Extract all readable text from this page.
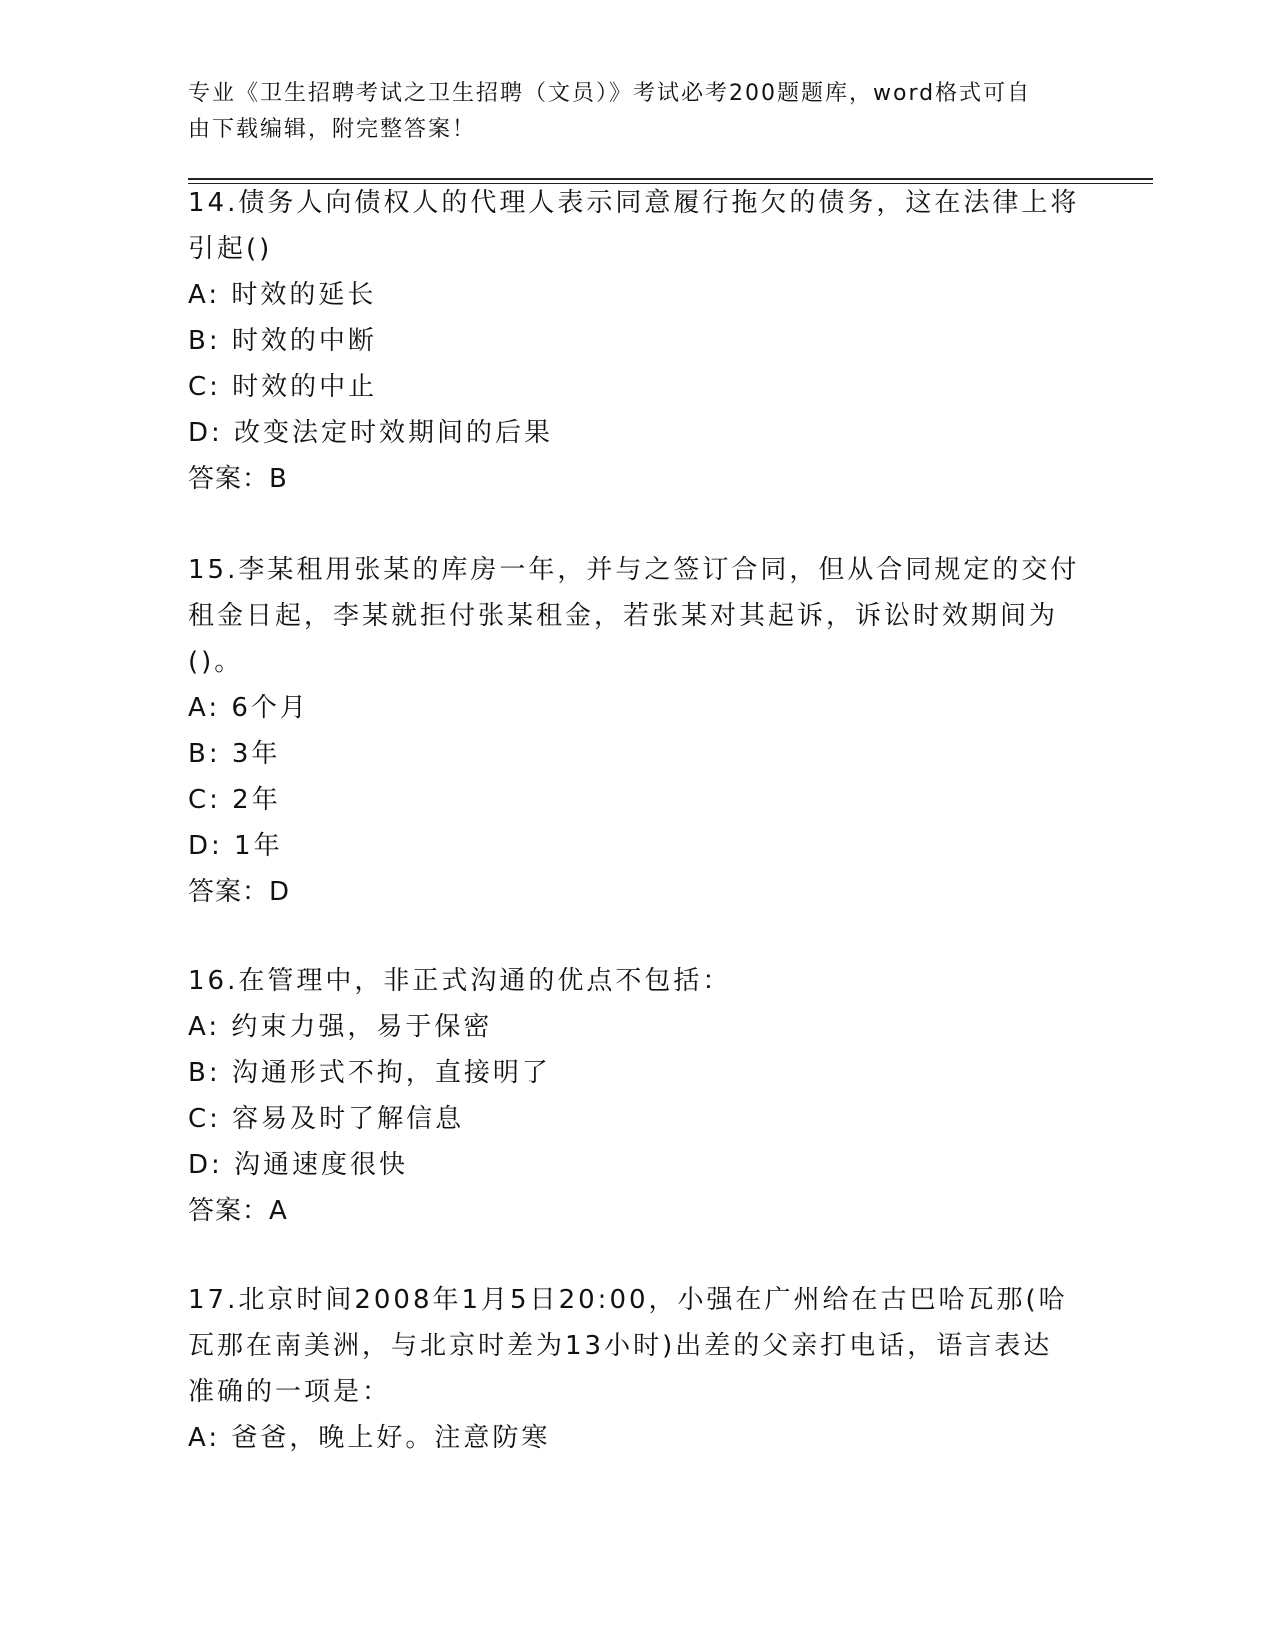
专业《卫生招聘考试之卫生招聘（文员）》考试必考200题题库，word格式可自
由下载编辑，附完整答案！
14.债务人向债权人的代理人表示同意履行拖欠的债务，这在法律上将
引起()
A: 时效的延长
B: 时效的中断
C: 时效的中止
D: 改变法定时效期间的后果
答案：B
15.李某租用张某的库房一年，并与之签订合同，但从合同规定的交付
租金日起，李某就拒付张某租金，若张某对其起诉，诉讼时效期间为
()。
A: 6个月
B: 3年
C: 2年
D: 1年
答案：D
16.在管理中，非正式沟通的优点不包括：
A: 约束力强，易于保密
B: 沟通形式不拘，直接明了
C: 容易及时了解信息
D: 沟通速度很快
答案：A
17.北京时间2008年1月5日20:00，小强在广州给在古巴哈瓦那(哈
瓦那在南美洲，与北京时差为13小时)出差的父亲打电话，语言表达
准确的一项是：
A: 爸爸，晚上好。注意防寒
